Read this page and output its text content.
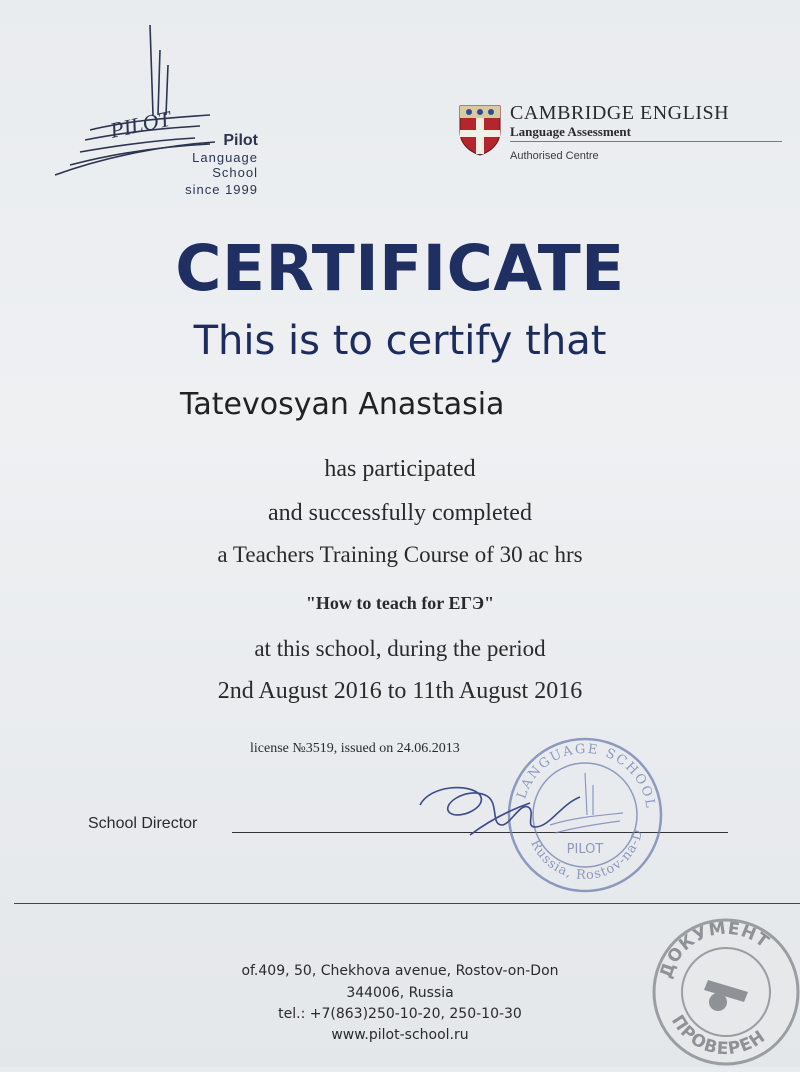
PILOT	Pilot
Language
School
since 1999
CAMBRIDGE ENGLISH
Language Assessment
Authorised Centre
CERTIFICATE
This is to certify that
Tatevosyan Anastasia
has participated
and successfully completed
a Teachers Training Course of 30 ac hrs
"How to teach for ЕГЭ"
at this school, during the period
2nd August 2016 to 11th August 2016
license №3519, issued on 24.06.2013
School Director
LANGUAGE SCHOOL
Russia, Rostov-na-D
PILOT
of.409, 50, Chekhova avenue, Rostov-on-Don
344006, Russia
tel.: +7(863)250-10-20, 250-10-30
www.pilot-school.ru
ДОКУМЕНТ
ПРОВЕРЕН
